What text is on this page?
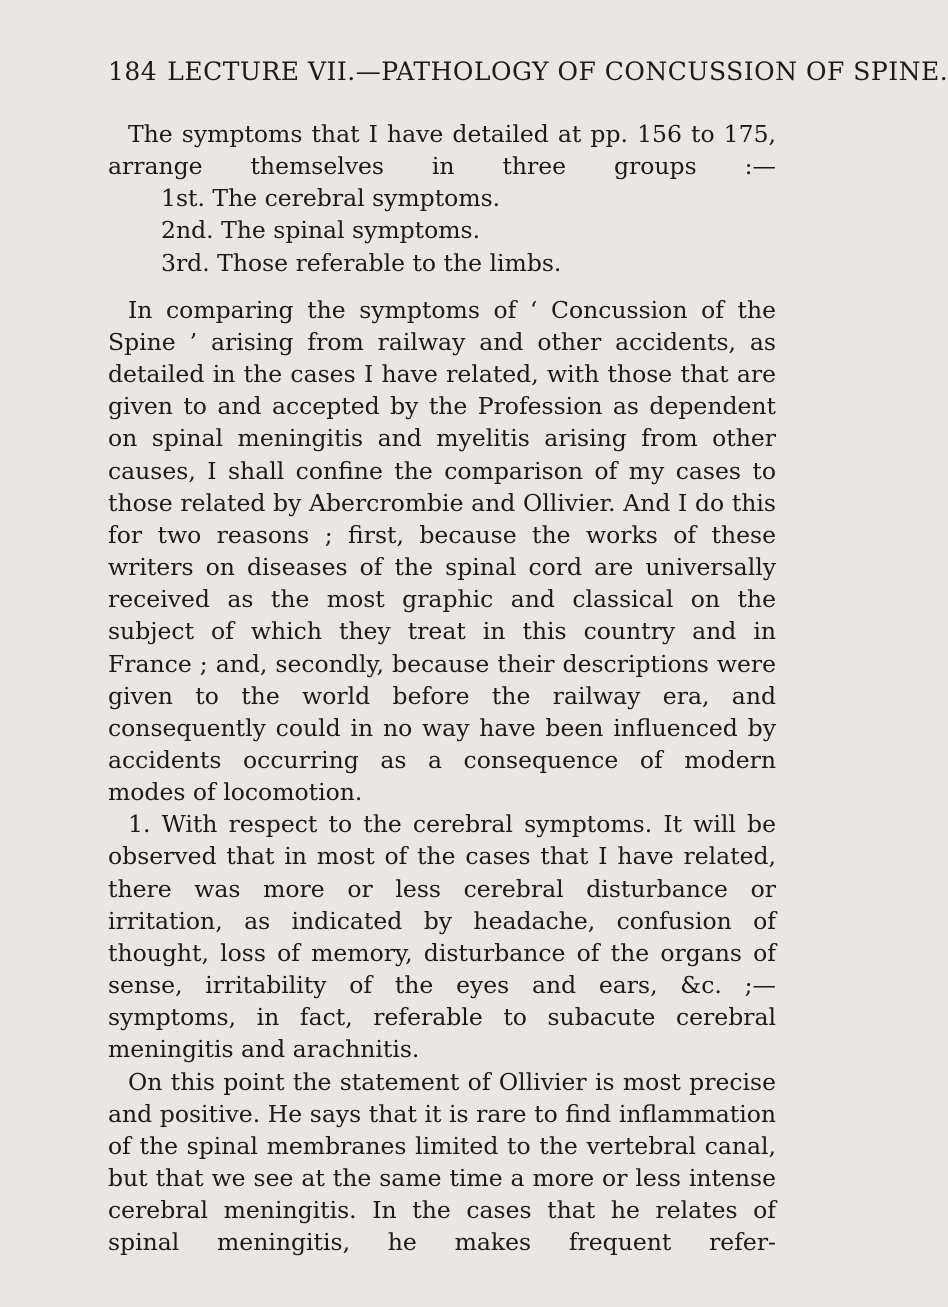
184 LECTURE VII.—PATHOLOGY OF CONCUSSION OF SPINE.

The symptoms that I have detailed at pp. 156 to 175, arrange themselves in three groups :—

1st. The cerebral symptoms.

2nd. The spinal symptoms.

3rd. Those referable to the limbs.

In comparing the symptoms of ‘ Concussion of the Spine ’ arising from railway and other accidents, as detailed in the cases I have related, with those that are given to and accepted by the Profession as dependent on spinal meningitis and myelitis arising from other causes, I shall confine the comparison of my cases to those related by Abercrombie and Ollivier. And I do this for two reasons ; first, because the works of these writers on diseases of the spinal cord are universally received as the most graphic and classical on the subject of which they treat in this country and in France ; and, secondly, because their descriptions were given to the world before the railway era, and consequently could in no way have been influenced by accidents occurring as a consequence of modern modes of locomotion.

1. With respect to the cerebral symptoms. It will be observed that in most of the cases that I have related, there was more or less cerebral disturbance or irritation, as indicated by headache, confusion of thought, loss of memory, disturbance of the organs of sense, irritability of the eyes and ears, &c. ;—symptoms, in fact, referable to subacute cerebral meningitis and arachnitis.

On this point the statement of Ollivier is most precise and positive. He says that it is rare to find inflammation of the spinal membranes limited to the vertebral canal, but that we see at the same time a more or less intense cerebral meningitis. In the cases that he relates of spinal meningitis, he makes frequent refer-
